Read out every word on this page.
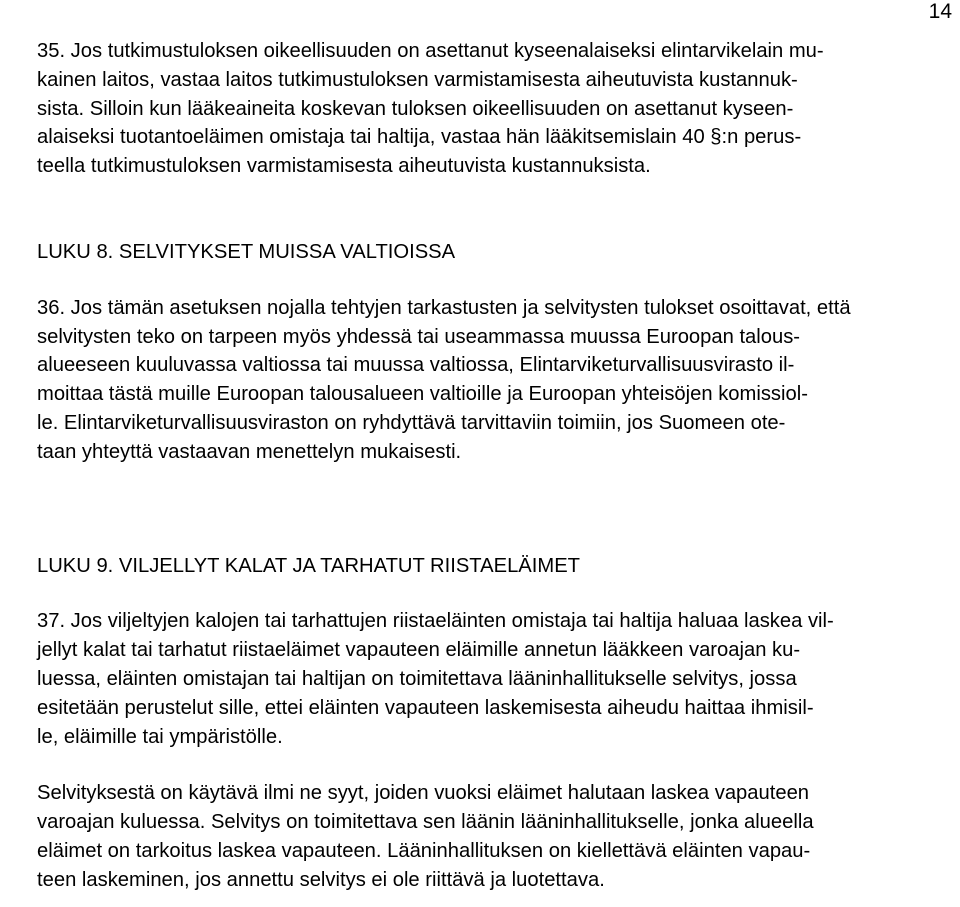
14

35. Jos tutkimustuloksen oikeellisuuden on asettanut kyseenalaiseksi elintarvikelain mu-
kainen laitos, vastaa laitos tutkimustuloksen varmistamisesta aiheutuvista kustannuk-
sista. Silloin kun lääkeaineita koskevan tuloksen oikeellisuuden on asettanut kyseen-
alaiseksi tuotantoeläimen omistaja tai haltija, vastaa hän lääkitsemislain 40 §:n perus-
teella tutkimustuloksen varmistamisesta aiheutuvista kustannuksista.

LUKU 8. SELVITYKSET MUISSA VALTIOISSA

36. Jos tämän asetuksen nojalla tehtyjen tarkastusten ja selvitysten tulokset osoittavat, että
selvitysten teko on tarpeen myös yhdessä tai useammassa muussa Euroopan talous-
alueeseen kuuluvassa valtiossa tai muussa valtiossa, Elintarviketurvallisuusvirasto il-
moittaa tästä muille Euroopan talousalueen valtioille ja Euroopan yhteisöjen komissiol-
le. Elintarviketurvallisuusviraston on ryhdyttävä tarvittaviin toimiin, jos Suomeen ote-
taan yhteyttä vastaavan menettelyn mukaisesti.

LUKU 9. VILJELLYT KALAT JA TARHATUT RIISTAELÄIMET

37. Jos viljeltyjen kalojen tai tarhattujen riistaeläinten omistaja tai haltija haluaa laskea vil-
jellyt kalat tai tarhatut riistaeläimet vapauteen eläimille annetun lääkkeen varoajan ku-
luessa, eläinten omistajan tai haltijan on toimitettava lääninhallitukselle selvitys, jossa
esitetään perustelut sille, ettei eläinten vapauteen laskemisesta aiheudu haittaa ihmisil-
le, eläimille tai ympäristölle.

Selvityksestä on käytävä ilmi ne syyt, joiden vuoksi eläimet halutaan laskea vapauteen
varoajan kuluessa. Selvitys on toimitettava sen läänin lääninhallitukselle, jonka alueella
eläimet on tarkoitus laskea vapauteen. Lääninhallituksen on kiellettävä eläinten vapau-
teen laskeminen, jos annettu selvitys ei ole riittävä ja luotettava.
